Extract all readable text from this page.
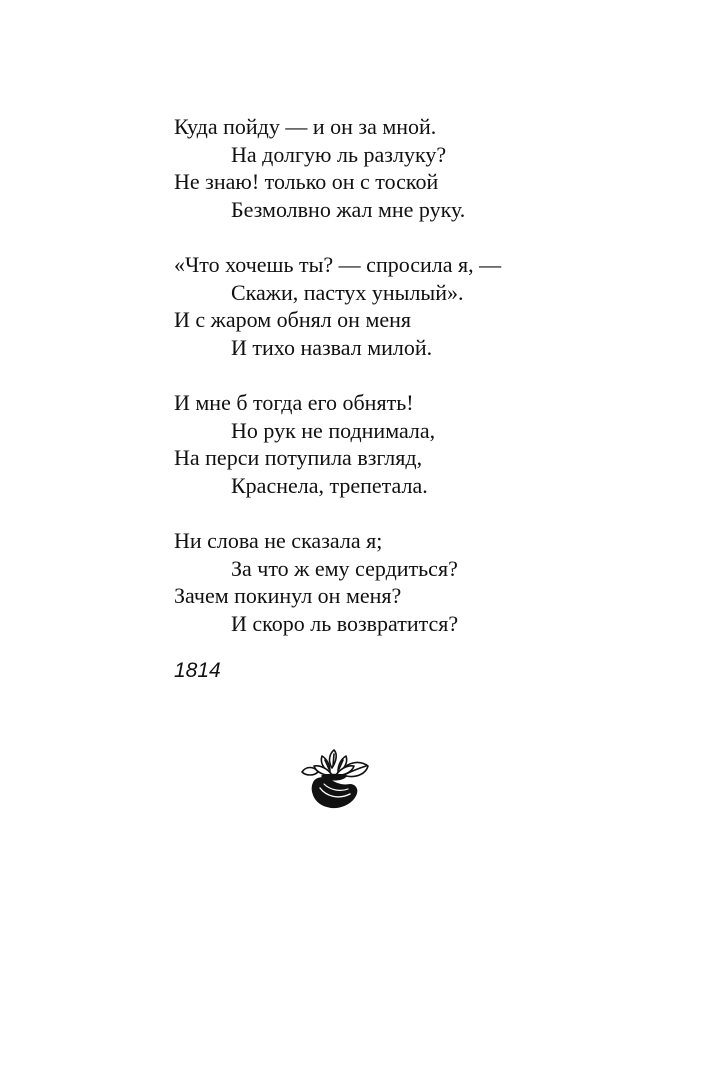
Куда пойду — и он за мной.
На долгую ль разлуку?
Не знаю! только он с тоской
Безмолвно жал мне руку.
«Что хочешь ты? — спросила я, —
Скажи, пастух унылый».
И с жаром обнял он меня
И тихо назвал милой.
И мне б тогда его обнять!
Но рук не поднимала,
На перси потупила взгляд,
Краснела, трепетала.
Ни слова не сказала я;
За что ж ему сердиться?
Зачем покинул он меня?
И скоро ль возвратится?
1814
